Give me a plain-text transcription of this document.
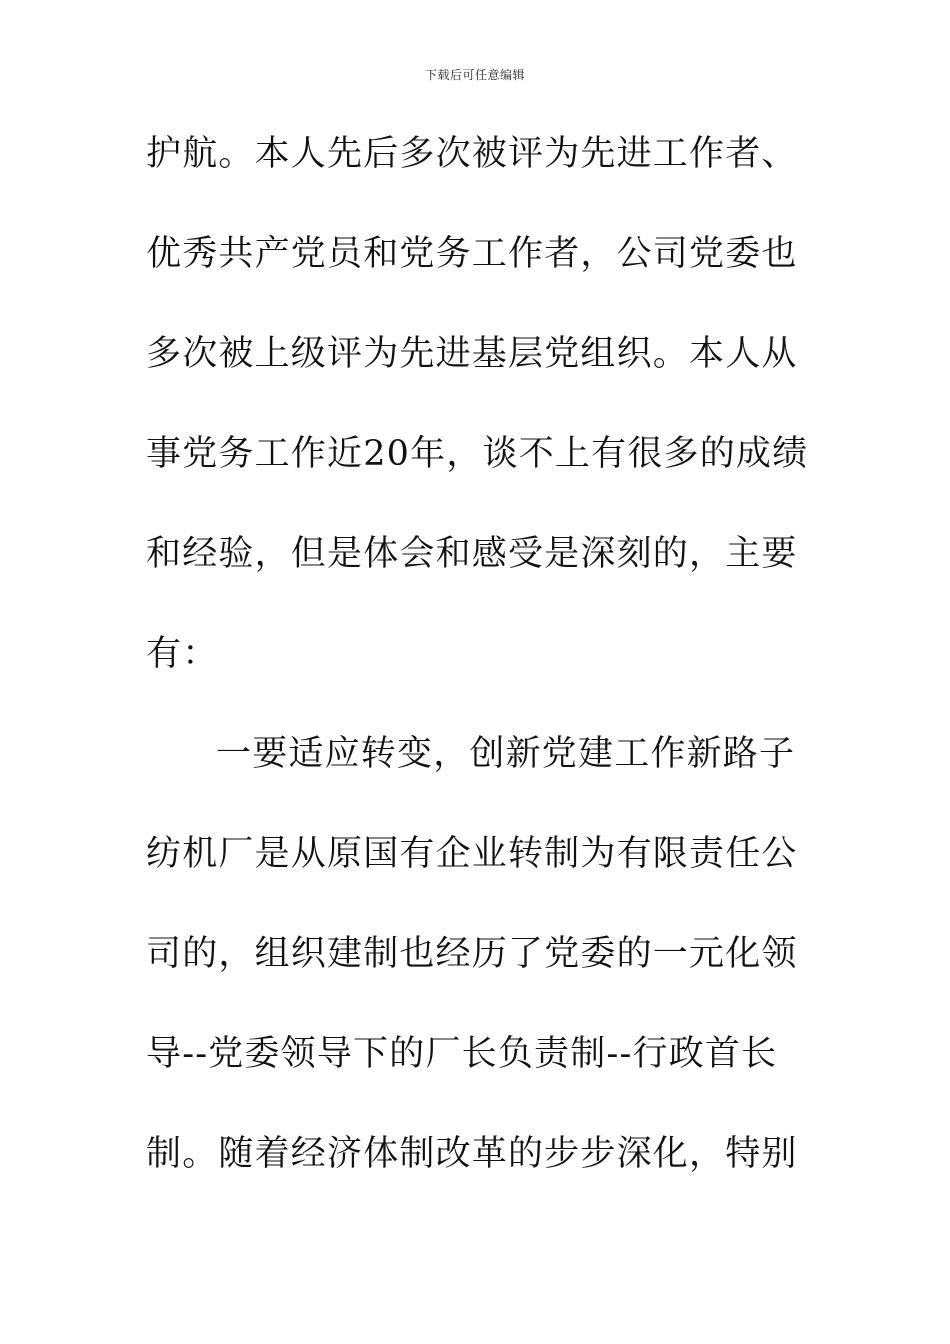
下载后可任意编辑
护航。本人先后多次被评为先进工作者、
优秀共产党员和党务工作者，公司党委也
多次被上级评为先进基层党组织。本人从
事党务工作近20年，谈不上有很多的成绩
和经验，但是体会和感受是深刻的，主要
有：
一要适应转变，创新党建工作新路子
纺机厂是从原国有企业转制为有限责任公
司的，组织建制也经历了党委的一元化领
导--党委领导下的厂长负责制--行政首长
制。随着经济体制改革的步步深化，特别
